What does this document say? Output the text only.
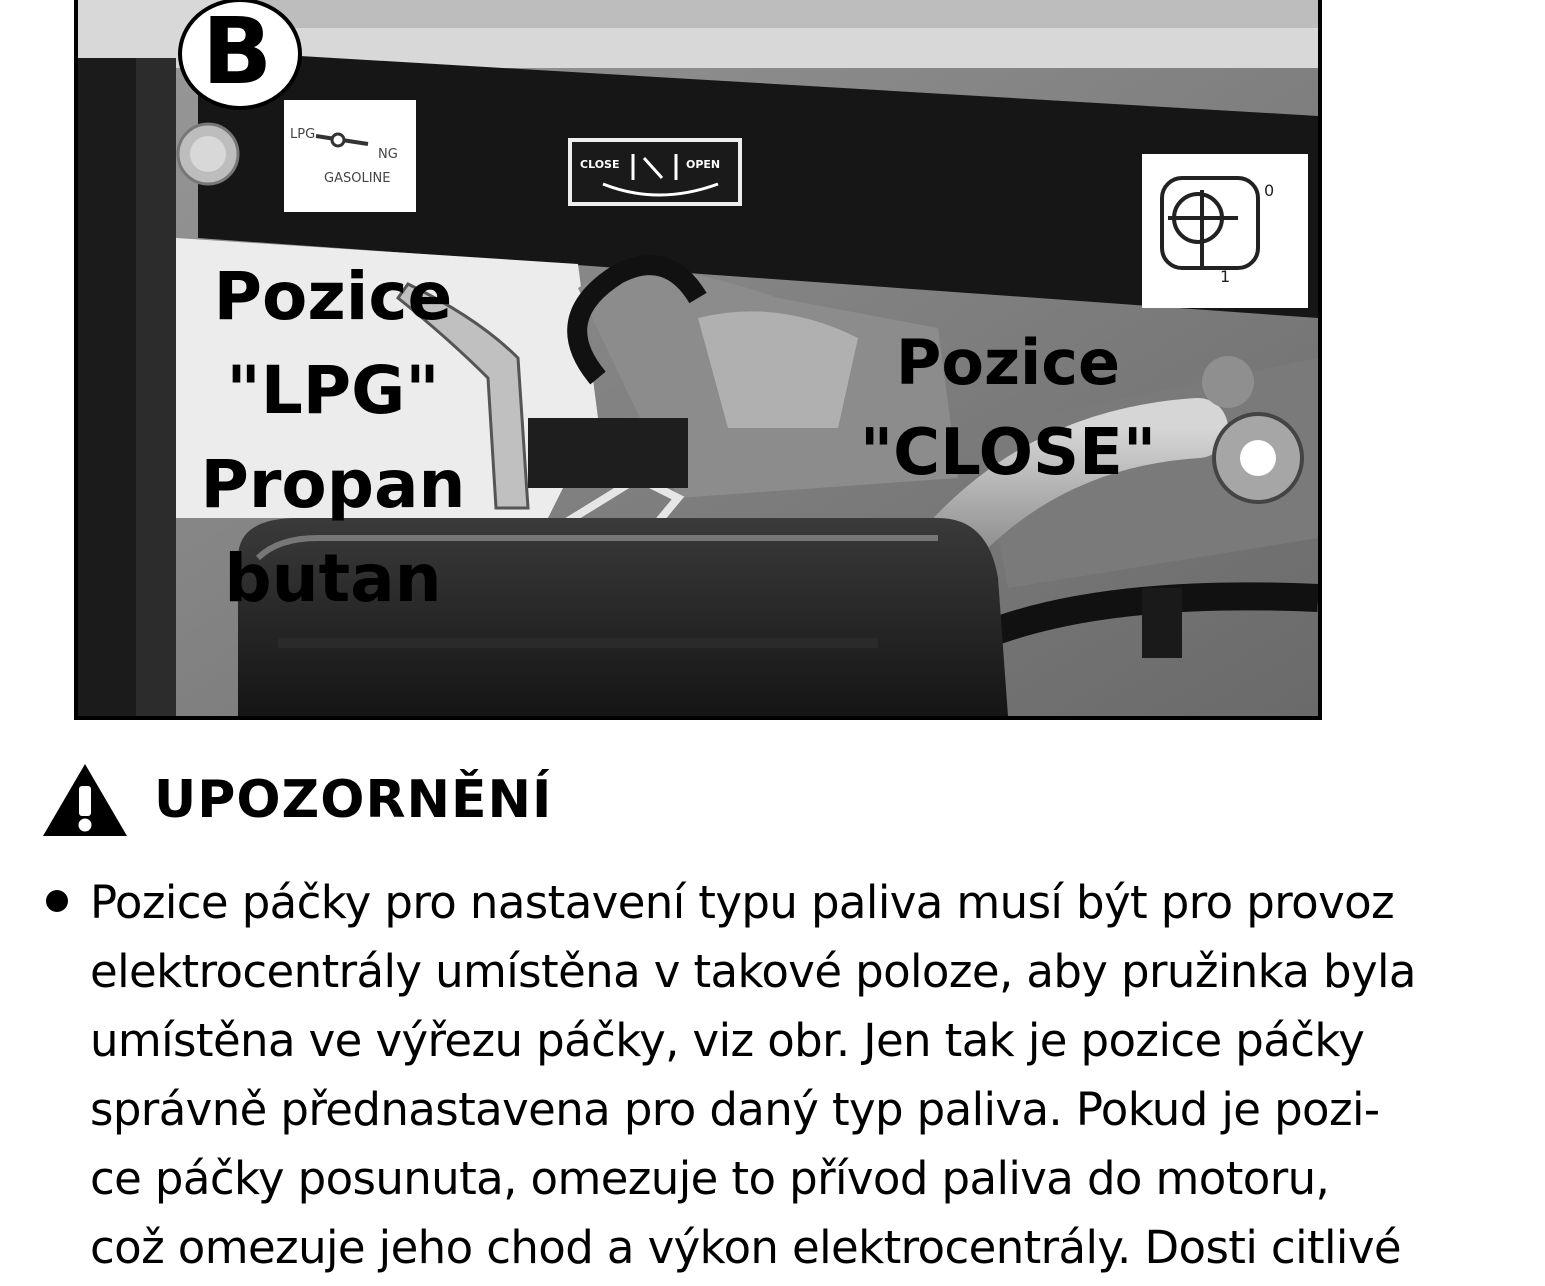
LPG
NG
GASOLINE
CLOSE	OPEN
0
1
B

Pozice
"LPG"
Propan
butan

Pozice
"CLOSE"

UPOZORNĚNÍ

Pozice páčky pro nastavení typu paliva musí být pro provoz
elektrocentrály umístěna v takové poloze, aby pružinka byla
umístěna ve výřezu páčky, viz obr. Jen tak je pozice páčky
správně přednastavena pro daný typ paliva. Pokud je pozi-
ce páčky posunuta, omezuje to přívod paliva do motoru,
což omezuje jeho chod a výkon elektrocentrály. Dosti citlivé
